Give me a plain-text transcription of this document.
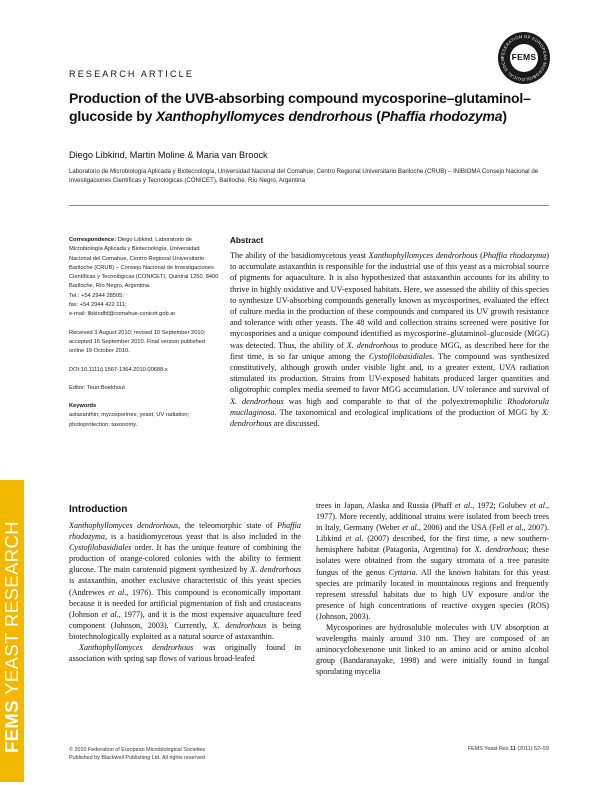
FEMS YEAST RESEARCH
FEDERATION OF EUROPEAN MICROBIOLOGICAL SOCIE FEMS
RESEARCH ARTICLE
Production of the UVB-absorbing compound mycosporine–glutaminol–glucoside by Xanthophyllomyces dendrorhous (Phaffia rhodozyma)
Diego Libkind, Martin Moline & Maria van Broock
Laboratorio de Microbiología Aplicada y Biotecnología, Universidad Nacional del Comahue, Centro Regional Universitario Bariloche (CRUB) – INIBIOMA Consejo Nacional de Investigaciones Científicas y Tecnológicas (CONICET), Bariloche, Río Negro, Argentina

Correspondence: Diego Libkind, Laboratorio de Microbiología Aplicada y Biotecnología, Universidad Nacional del Comahue, Centro Regional Universitario Bariloche (CRUB) – Consejo Nacional de Investigaciones Científicas y Tecnológicas (CONICET), Quintral 1250, 8400 Bariloche, Río Negro, Argentina.

Tel.: +54 2944 28505;

fax: +54 2944 422 111;

e-mail: libkindfd@comahue-conicet.gob.ar

Received 3 August 2010; revised 10 September 2010; accepted 16 September 2010. Final version published online 19 October 2010.

DOI:10.1111/j.1567-1364.2010.00688.x

Editor: Teun Boekhout

Keywords

astaxanthin; mycosporines; yeast; UV radiation; photoprotection; taxonomy.

Abstract
The ability of the basidiomycetous yeast Xanthophyllomyces dendrorhous (Phaffia rhodozyma) to accumulate astaxanthin is responsible for the industrial use of this yeast as a microbial source of pigments for aquaculture. It is also hypothesized that astaxanthin accounts for its ability to thrive in highly oxidative and UV-exposed habitats. Here, we assessed the ability of this species to synthesize UV-absorbing compounds generally known as mycosporines, evaluated the effect of culture media in the production of these compounds and compared its UV growth resistance and tolerance with other yeasts. The 48 wild and collection strains screened were positive for mycosporines and a unique compound identified as mycosporine–glutaminol–glucoside (MGG) was detected. Thus, the ability of X. dendrorhous to produce MGG, as described here for the first time, is so far unique among the Cystofilobasidiales. The compound was synthesized constitutively, although growth under visible light and, to a greater extent, UVA radiation stimulated its production. Strains from UV-exposed habitats produced larger quantities and oligotrophic complex media seemed to favor MGG accumulation. UV tolerance and survival of X. dendrorhous was high and comparable to that of the polyextremophilic Rhodotorula mucilaginosa. The taxonomical and ecological implications of the production of MGG by X. dendrorhous are discussed.
Introduction

Xanthophyllomyces dendrorhous, the teleomorphic state of Phaffia rhodozyma, is a basidiomycetous yeast that is also included in the Cystofilobasidiales order. It has the unique feature of combining the production of orange-colored colonies with the ability to ferment glucose. The main carotenoid pigment synthesized by X. dendrorhous is astaxanthin, another exclusive characteristic of this yeast species (Andrewes et al., 1976). This compound is economically important because it is needed for artificial pigmentation of fish and crustaceans (Johnson et al., 1977), and it is the most expensive aquaculture feed component (Johnson, 2003). Currently, X. dendrorhous is being biotechnologically exploited as a natural source of astaxanthin.

Xanthophyllomyces dendrorhous was originally found in association with spring sap flows of various broad-leafed

trees in Japan, Alaska and Russia (Phaff et al., 1972; Golubev et al., 1977). More recently, additional strains were isolated from beech trees in Italy, Germany (Weber et al., 2006) and the USA (Fell et al., 2007). Libkind et al. (2007) described, for the first time, a new southern-hemisphere habitat (Patagonia, Argentina) for X. dendrorhous; these isolates were obtained from the sugary stromata of a tree parasite fungus of the genus Cyttaria. All the known habitats for this yeast species are primarily located in mountainous regions and frequently represent stressful habitats due to high UV exposure and/or the presence of high concentrations of reactive oxygen species (ROS) (Johnson, 2003).

Mycosporines are hydrosoluble molecules with UV absorption at wavelengths mainly around 310 nm. They are composed of an aminocyclohexenone unit linked to an amino acid or amino alcohol group (Bandaranayake, 1998) and were initially found in fungal sporulating mycelia

© 2010 Federation of European Microbiological Societies
Published by Blackwell Publishing Ltd. All rights reserved
FEMS Yeast Res 11 (2011) 52–59
